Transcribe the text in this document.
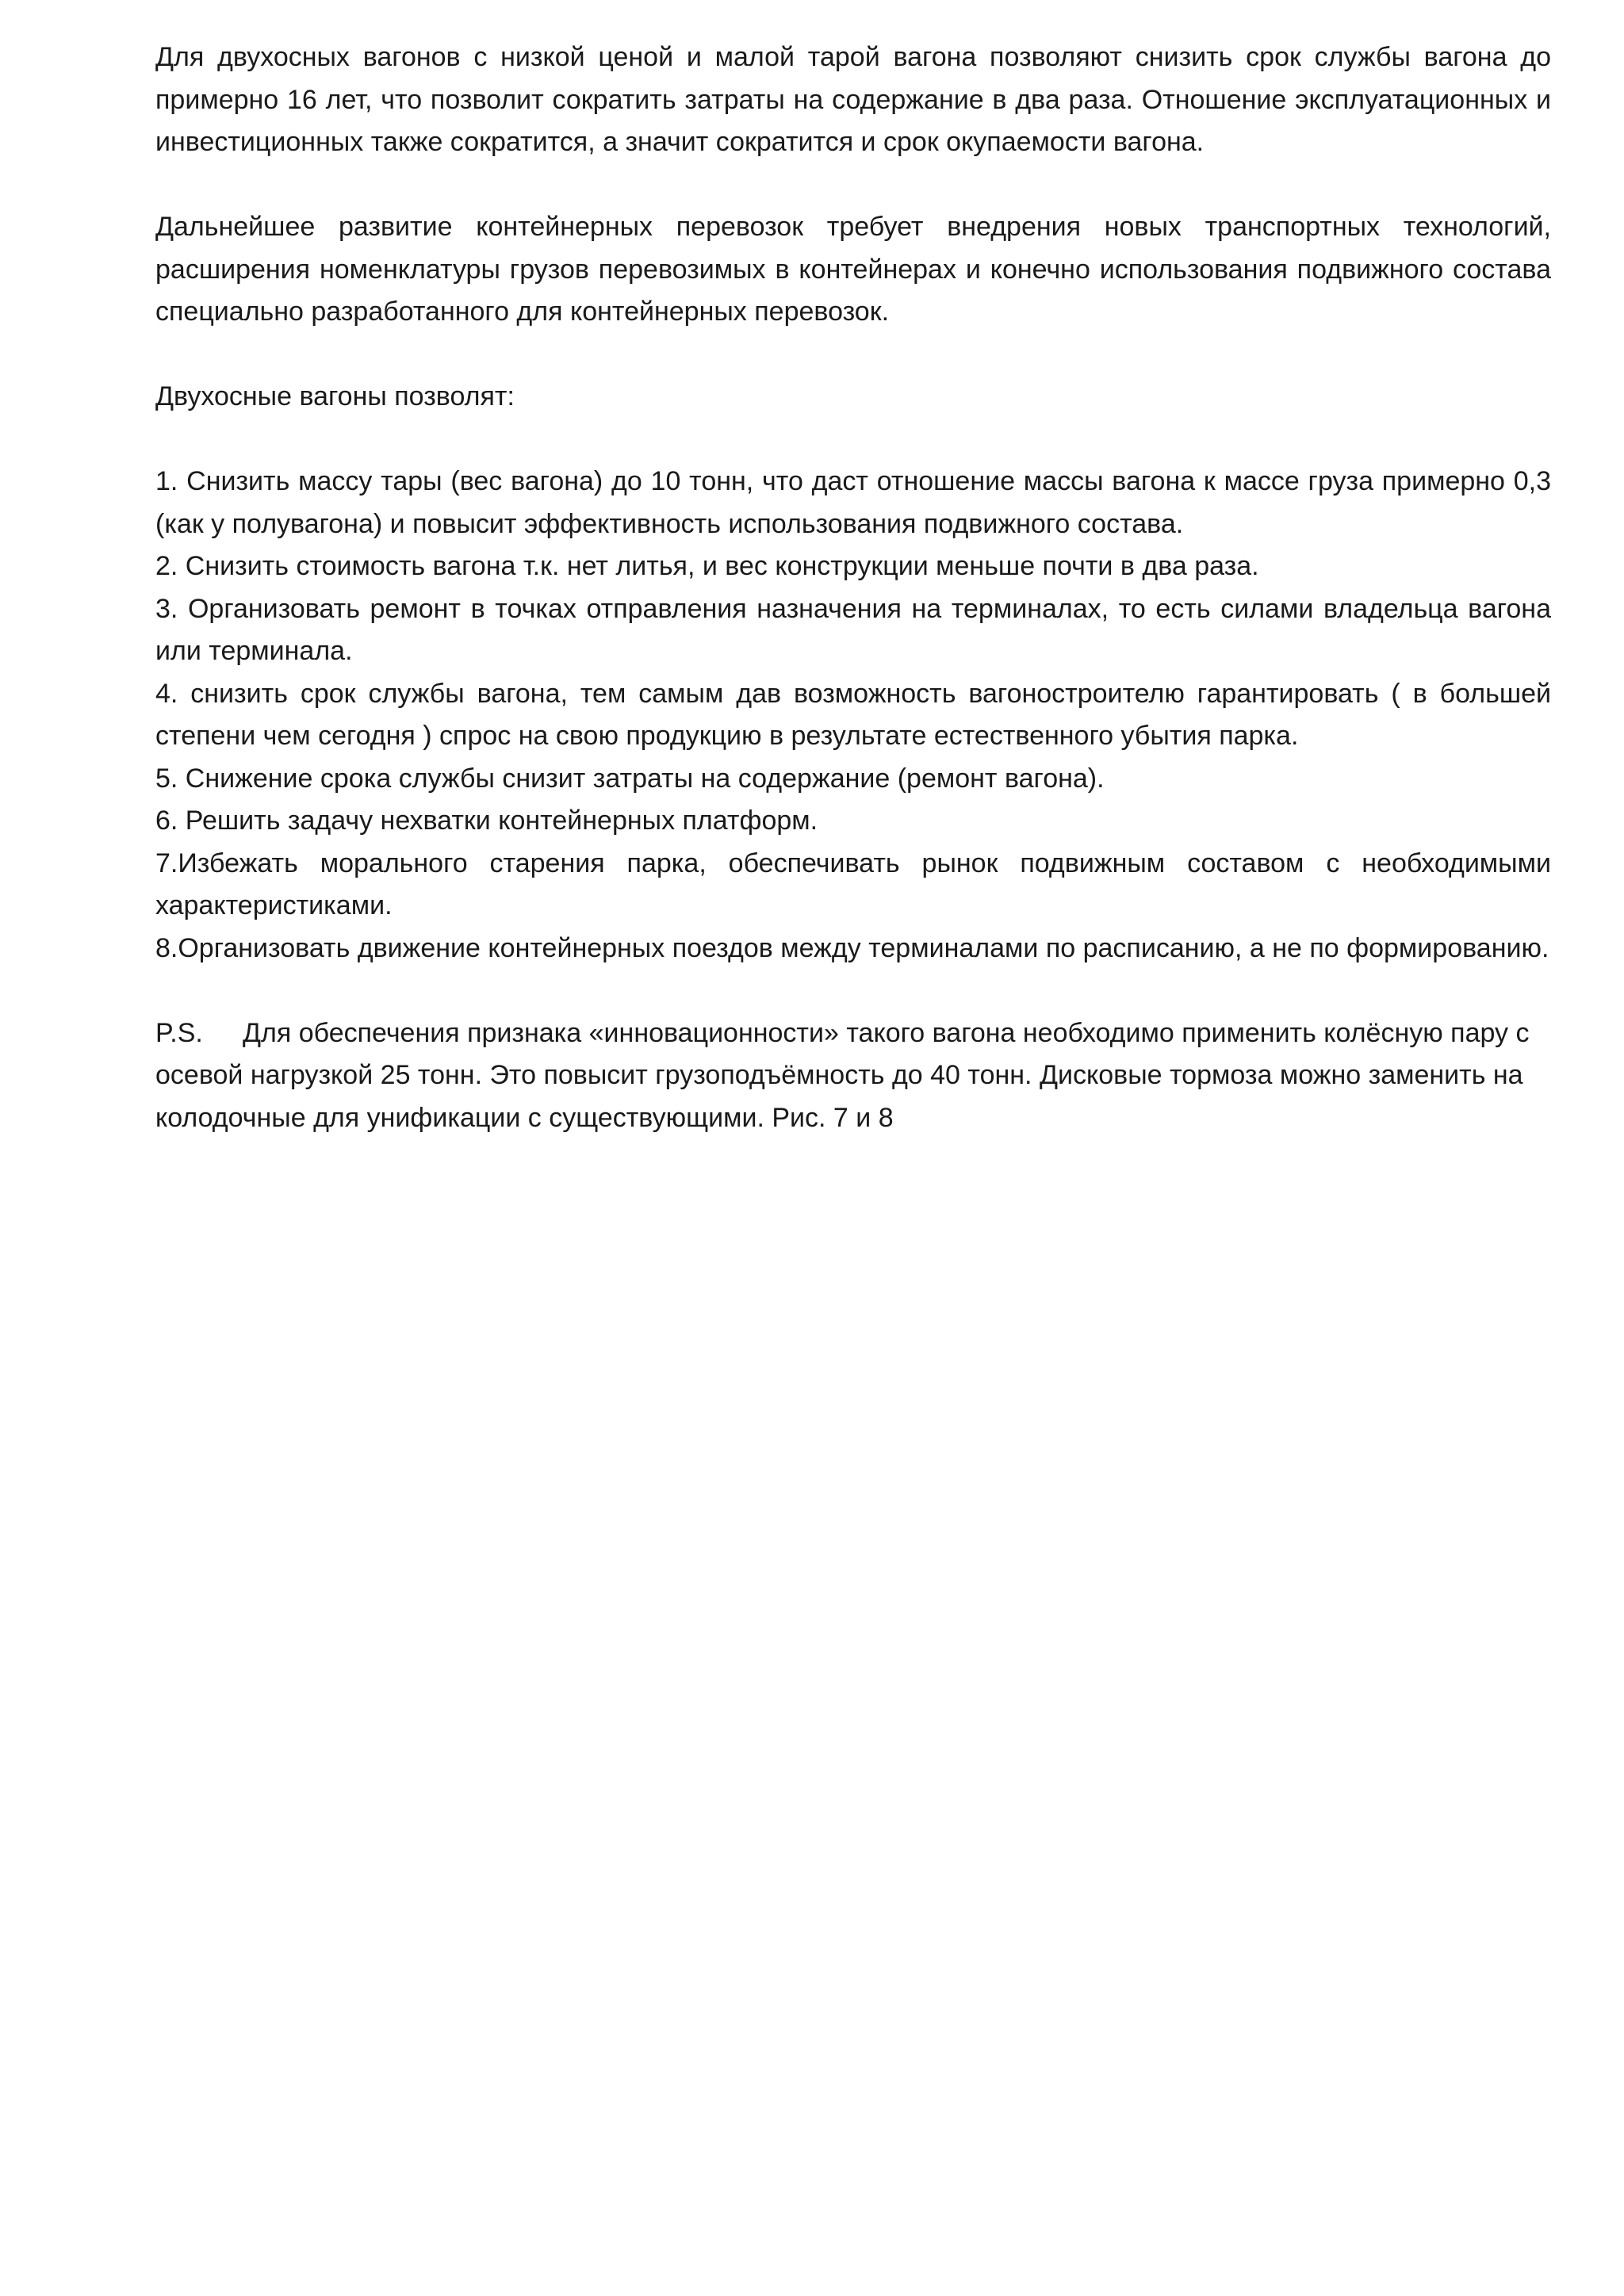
Для двухосных вагонов с низкой ценой и малой тарой вагона позволяют снизить срок службы вагона до примерно 16 лет, что позволит сократить затраты на содержание в два раза. Отношение эксплуатационных и инвестиционных также сократится, а значит сократится и срок окупаемости вагона.

Дальнейшее развитие контейнерных перевозок требует внедрения новых транспортных технологий, расширения номенклатуры грузов перевозимых в контейнерах и конечно использования подвижного состава специально разработанного для контейнерных перевозок.

Двухосные вагоны позволят:

1. Снизить массу тары (вес вагона) до 10 тонн, что даст отношение массы вагона к массе груза примерно 0,3 (как у полувагона) и повысит эффективность использования подвижного состава.

2. Снизить стоимость вагона т.к. нет литья, и вес конструкции меньше почти в два раза.

3. Организовать ремонт в точках отправления назначения на терминалах, то есть силами владельца вагона или терминала.

4. снизить срок службы вагона, тем самым дав возможность вагоностроителю гарантировать ( в большей степени чем сегодня ) спрос на свою продукцию в результате естественного убытия парка.

5. Снижение срока службы снизит затраты на содержание (ремонт вагона).

6. Решить задачу нехватки контейнерных платформ.

7.Избежать морального старения парка, обеспечивать рынок подвижным составом с необходимыми характеристиками.

8.Организовать движение контейнерных поездов между терминалами по расписанию, а не по формированию.

P.S. Для обеспечения признака «инновационности» такого вагона необходимо применить колёсную пару с осевой нагрузкой 25 тонн. Это повысит грузоподъёмность до 40 тонн. Дисковые тормоза можно заменить на колодочные для унификации с существующими. Рис. 7 и 8
